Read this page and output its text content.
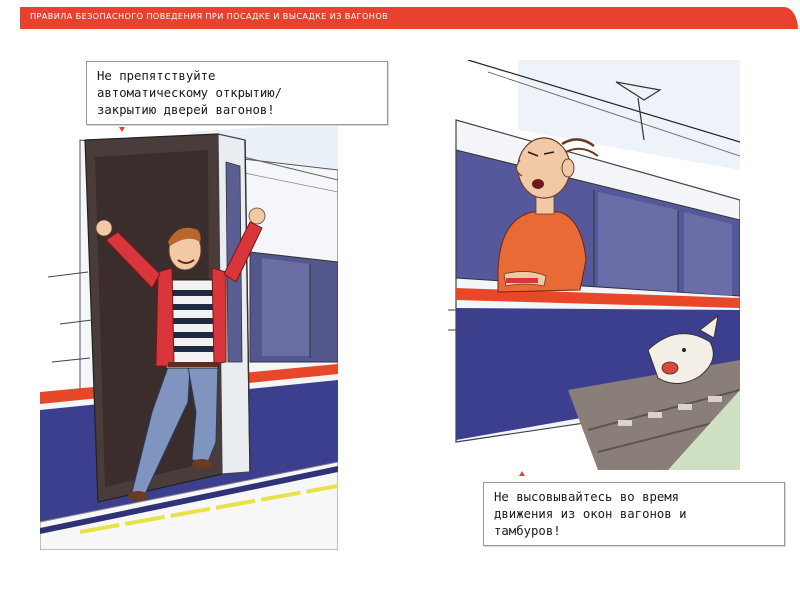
ПРАВИЛА БЕЗОПАСНОГО ПОВЕДЕНИЯ ПРИ ПОСАДКЕ И ВЫСАДКЕ ИЗ ВАГОНОВ
Не препятствуйте
автоматическому открытию/
закрытию дверей вагонов!
Не высовывайтесь во время
движения из окон вагонов и
тамбуров!
